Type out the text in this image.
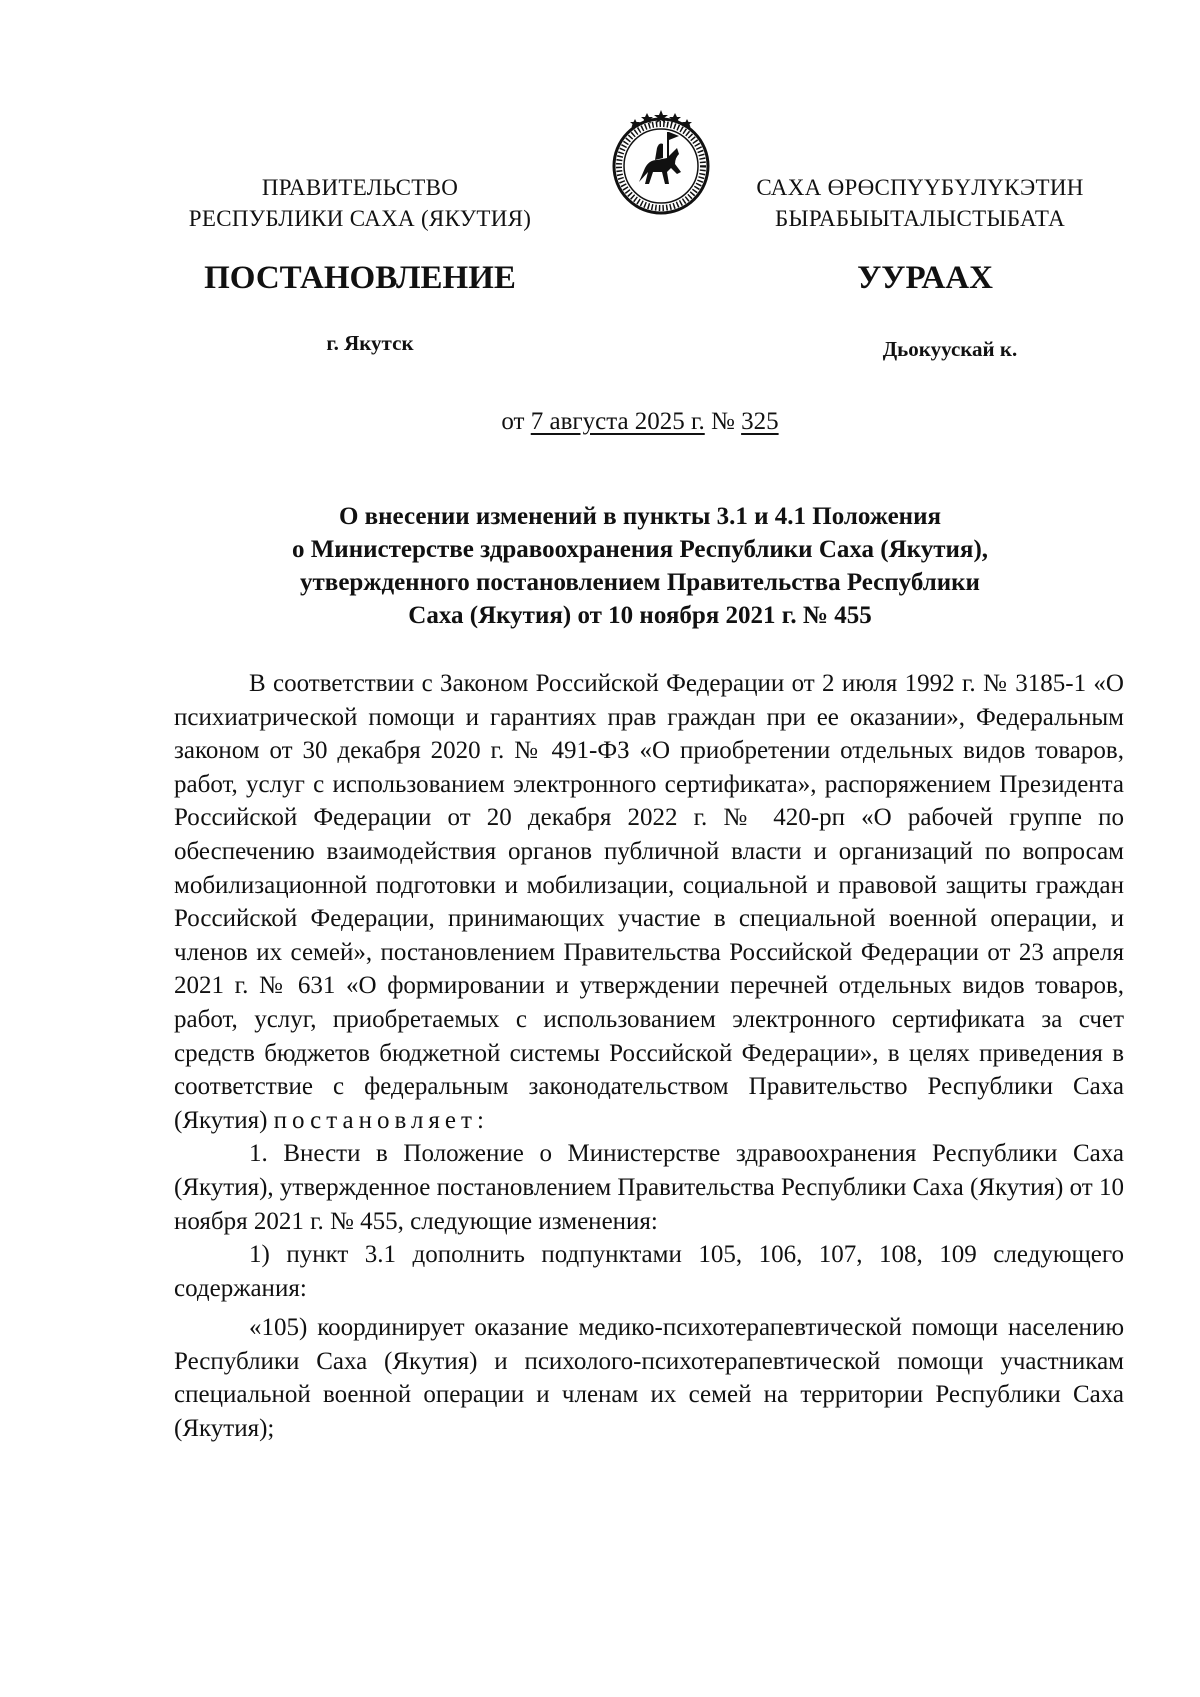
ПРАВИТЕЛЬСТВО
РЕСПУБЛИКИ САХА (ЯКУТИЯ)
САХА ӨРӨСПҮҮБҮЛҮКЭТИН
БЫРАБЫЫТАЛЫСТЫБАТА
ПОСТАНОВЛЕНИЕ	УУРААХ
г. Якутск	Дьокуускай к.
от 7 августа 2025 г. № 325
О внесении изменений в пункты 3.1 и 4.1 Положения
о Министерстве здравоохранения Республики Саха (Якутия),
утвержденного постановлением Правительства Республики
Саха (Якутия) от 10 ноября 2021 г. № 455

В соответствии с Законом Российской Федерации от 2 июля 1992 г. № 3185-1 «О психиатрической помощи и гарантиях прав граждан при ее оказании», Федеральным законом от 30 декабря 2020 г. № 491-ФЗ «О приобретении отдельных видов товаров, работ, услуг с использованием электронного сертификата», распоряжением Президента Российской Федерации от 20 декабря 2022 г. № 420-рп «О рабочей группе по обеспечению взаимодействия органов публичной власти и организаций по вопросам мобилизационной подготовки и мобилизации, социальной и правовой защиты граждан Российской Федерации, принимающих участие в специальной военной операции, и членов их семей», постановлением Правительства Российской Федерации от 23 апреля 2021 г. № 631 «О формировании и утверждении перечней отдельных видов товаров, работ, услуг, приобретаемых с использованием электронного сертификата за счет средств бюджетов бюджетной системы Российской Федерации», в целях приведения в соответствие с федеральным законодательством Правительство Республики Саха (Якутия) постановляет:

1. Внести в Положение о Министерстве здравоохранения Республики Саха (Якутия), утвержденное постановлением Правительства Республики Саха (Якутия) от 10 ноября 2021 г. № 455, следующие изменения:

1) пункт 3.1 дополнить подпунктами 105, 106, 107, 108, 109 следующего содержания:

«105) координирует оказание медико-психотерапевтической помощи населению Республики Саха (Якутия) и психолого-психотерапевтической помощи участникам специальной военной операции и членам их семей на территории Республики Саха (Якутия);
